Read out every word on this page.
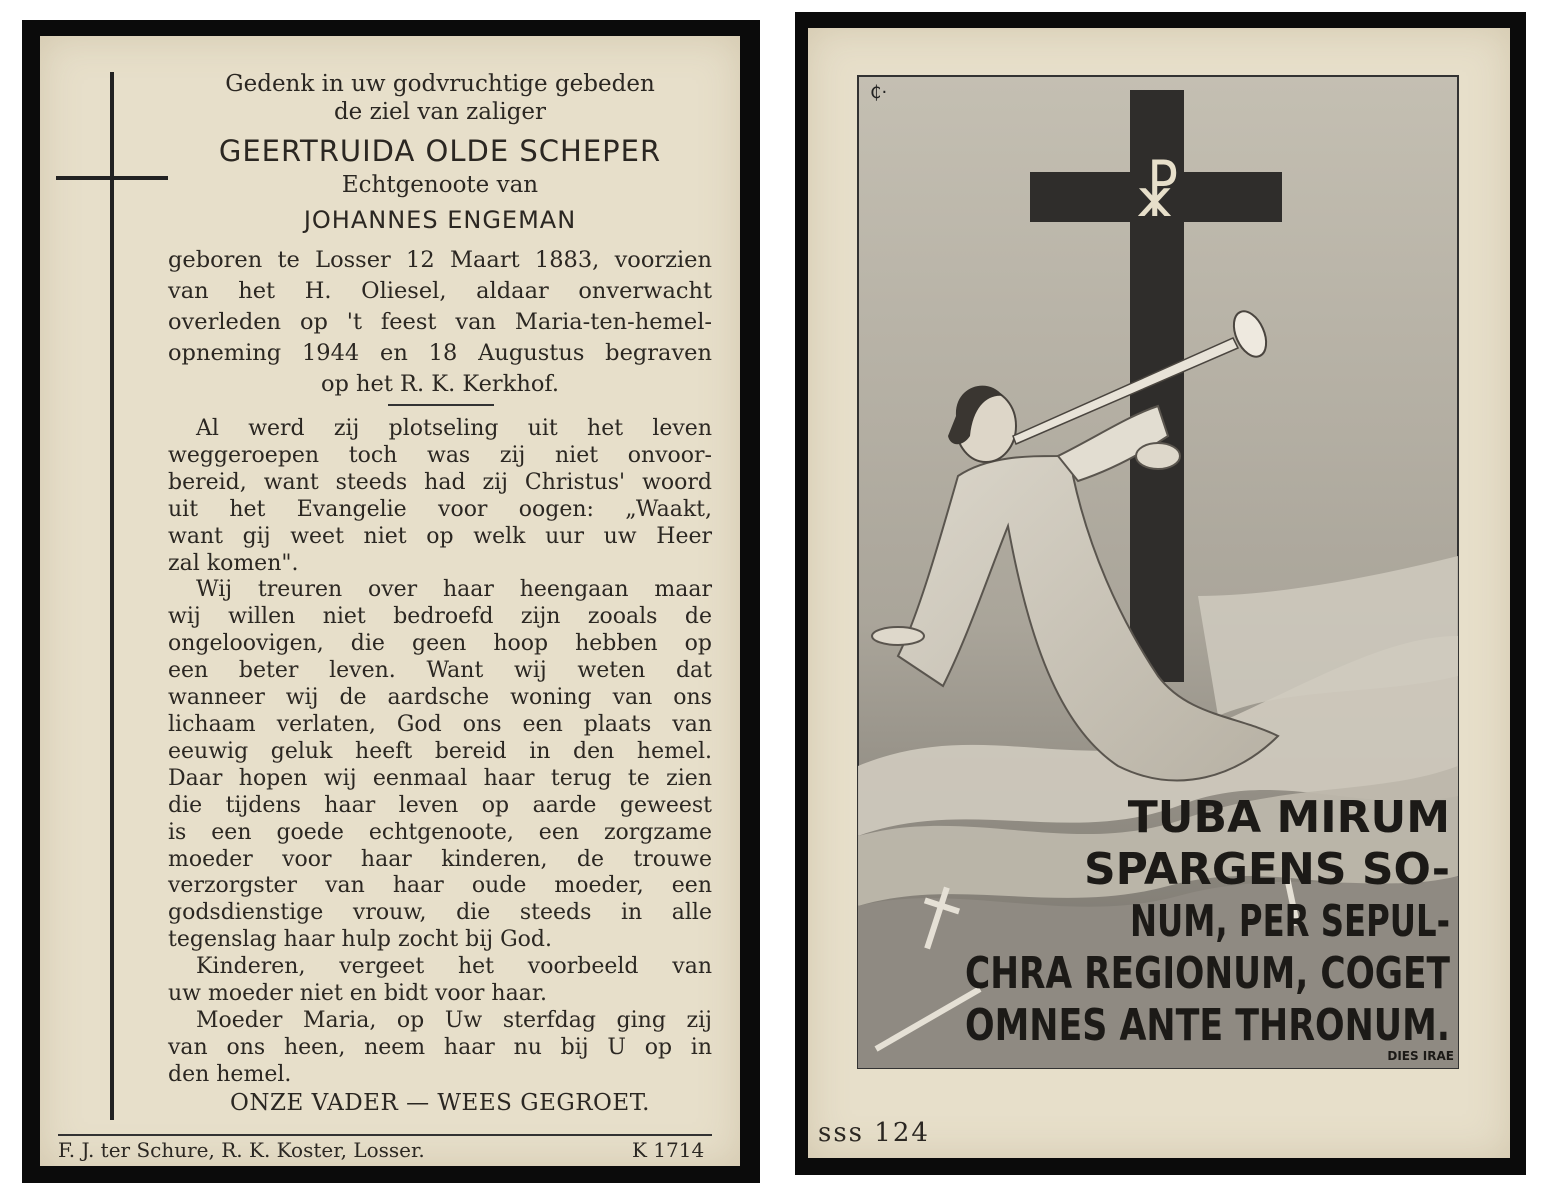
Gedenk in uw godvruchtige gebeden
de ziel van zaliger
GEERTRUIDA OLDE SCHEPER
Echtgenoote van
JOHANNES ENGEMAN
geboren te Losser 12 Maart 1883, voorzien
van het H. Oliesel, aldaar onverwacht
overleden op 't feest van Maria-ten-hemel-
opneming 1944 en 18 Augustus begraven
op het R. K. Kerkhof.
Al werd zij plotseling uit het leven
weggeroepen toch was zij niet onvoor-
bereid, want steeds had zij Christus' woord
uit het Evangelie voor oogen: „Waakt,
want gij weet niet op welk uur uw Heer
zal komen".
Wij treuren over haar heengaan maar
wij willen niet bedroefd zijn zooals de
ongeloovigen, die geen hoop hebben op
een beter leven. Want wij weten dat
wanneer wij de aardsche woning van ons
lichaam verlaten, God ons een plaats van
eeuwig geluk heeft bereid in den hemel.
Daar hopen wij eenmaal haar terug te zien
die tijdens haar leven op aarde geweest
is een goede echtgenoote, een zorgzame
moeder voor haar kinderen, de trouwe
verzorgster van haar oude moeder, een
godsdienstige vrouw, die steeds in alle
tegenslag haar hulp zocht bij God.
Kinderen, vergeet het voorbeeld van
uw moeder niet en bidt voor haar.
Moeder Maria, op Uw sterfdag ging zij
van ons heen, neem haar nu bij U op in
den hemel.
ONZE VADER — WEES GEGROET.
F. J. ter Schure, R. K. Koster, Losser.	K 1714
₵·
☧
TUBA MIRUM
SPARGENS SO-
NUM, PER SEPUL-
CHRA REGIONUM, COGET
OMNES ANTE THRONUM.
DIES IRAE
sss 124
